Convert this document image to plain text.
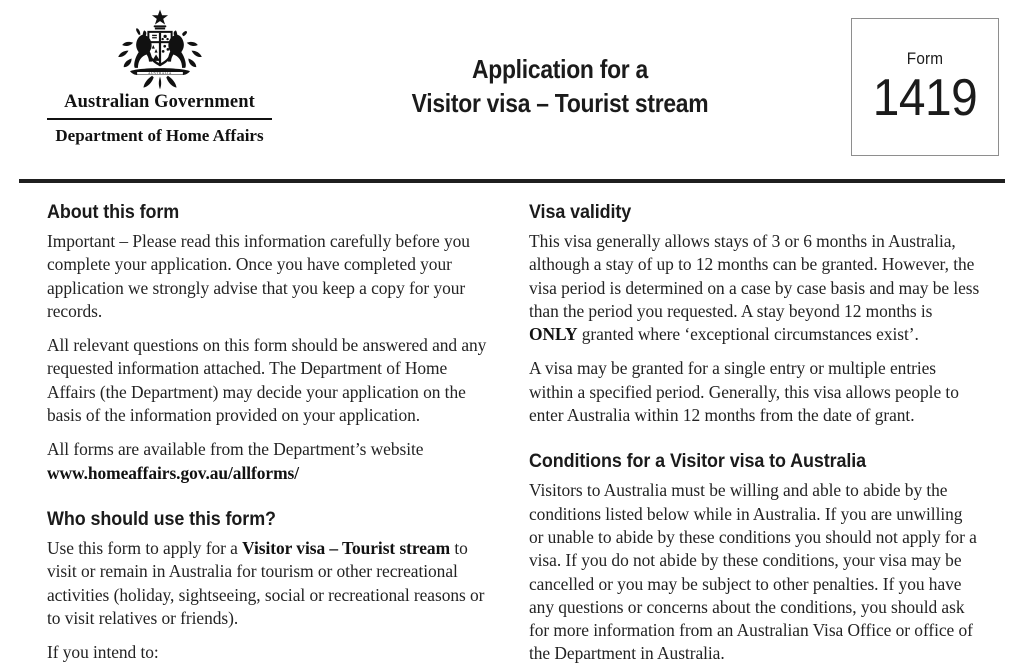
AUSTRALIA
Australian Government
Department of Home Affairs
Application for a
Visitor visa – Tourist stream
Form
1419
About this form

Important – Please read this information carefully before you complete your application. Once you have completed your application we strongly advise that you keep a copy for your records.

All relevant questions on this form should be answered and any requested information attached. The Department of Home Affairs (the Department) may decide your application on the basis of the information provided on your application.

All forms are available from the Department’s website
www.homeaffairs.gov.au/allforms/

Who should use this form?

Use this form to apply for a Visitor visa – Tourist stream to visit or remain in Australia for tourism or other recreational activities (holiday, sightseeing, social or recreational reasons or to visit relatives or friends).

If you intend to:

Visa validity

This visa generally allows stays of 3 or 6 months in Australia, although a stay of up to 12 months can be granted. However, the visa period is determined on a case by case basis and may be less than the period you requested. A stay beyond 12 months is ONLY granted where ‘exceptional circumstances exist’.

A visa may be granted for a single entry or multiple entries within a specified period. Generally, this visa allows people to enter Australia within 12 months from the date of grant.

Conditions for a Visitor visa to Australia

Visitors to Australia must be willing and able to abide by the conditions listed below while in Australia. If you are unwilling or unable to abide by these conditions you should not apply for a visa. If you do not abide by these conditions, your visa may be cancelled or you may be subject to other penalties. If you have any questions or concerns about the conditions, you should ask for more information from an Australian Visa Office or office of the Department in Australia.
